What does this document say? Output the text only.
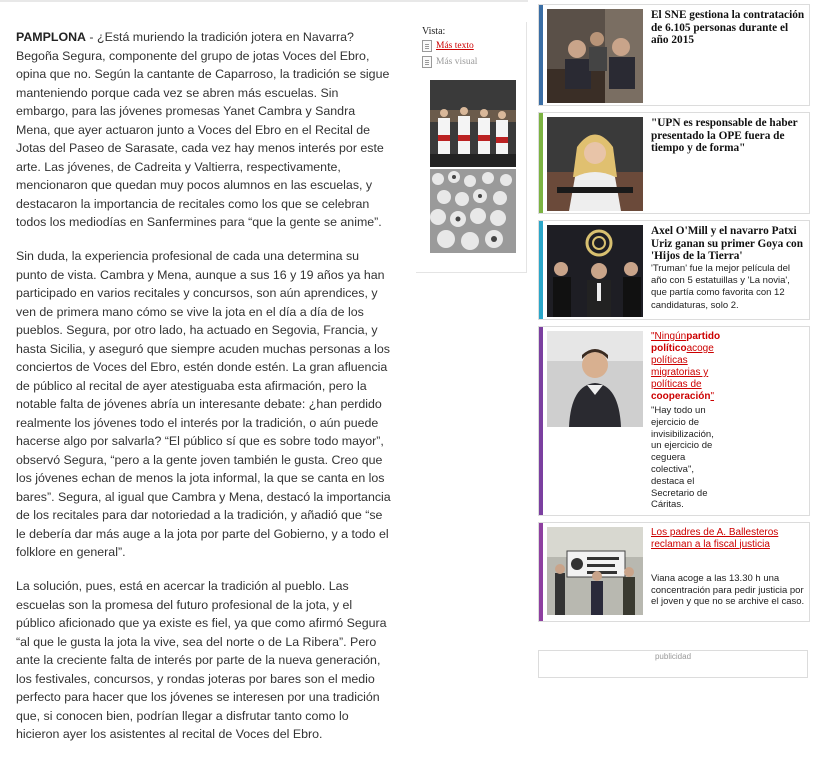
PAMPLONA - ¿Está muriendo la tradición jotera en Navarra? Begoña Segura, componente del grupo de jotas Voces del Ebro, opina que no. Según la cantante de Caparroso, la tradición se sigue manteniendo porque cada vez se abren más escuelas. Sin embargo, para las jóvenes promesas Yanet Cambra y Sandra Mena, que ayer actuaron junto a Voces del Ebro en el Recital de Jotas del Paseo de Sarasate, cada vez hay menos interés por este arte. Las jóvenes, de Cadreita y Valtierra, respectivamente, mencionaron que quedan muy pocos alumnos en las escuelas, y destacaron la importancia de recitales como los que se celebran todos los mediodías en Sanfermines para “que la gente se anime”.

Sin duda, la experiencia profesional de cada una determina su punto de vista. Cambra y Mena, aunque a sus 16 y 19 años ya han participado en varios recitales y concursos, son aún aprendices, y ven de primera mano cómo se vive la jota en el día a día de los pueblos. Segura, por otro lado, ha actuado en Segovia, Francia, y hasta Sicilia, y aseguró que siempre acuden muchas personas a los conciertos de Voces del Ebro, estén donde estén. La gran afluencia de público al recital de ayer atestiguaba esta afirmación, pero la notable falta de jóvenes abría un interesante debate: ¿han perdido realmente los jóvenes todo el interés por la tradición, o aún puede hacerse algo por salvarla? “El público sí que es sobre todo mayor”, observó Segura, “pero a la gente joven también le gusta. Creo que los jóvenes echan de menos la jota informal, la que se canta en los bares”. Segura, al igual que Cambra y Mena, destacó la importancia de los recitales para dar notoriedad a la tradición, y añadió que “se le debería dar más auge a la jota por parte del Gobierno, y a todo el folklore en general”.

La solución, pues, está en acercar la tradición al pueblo. Las escuelas son la promesa del futuro profesional de la jota, y el público aficionado que ya existe es fiel, ya que como afirmó Segura “al que le gusta la jota la vive, sea del norte o de La Ribera”. Pero ante la creciente falta de interés por parte de la nueva generación, los festivales, concursos, y rondas joteras por bares son el medio perfecto para hacer que los jóvenes se interesen por una tradición que, si conocen bien, podrían llegar a disfrutar tanto como lo hicieron ayer los asistentes al recital de Voces del Ebro.

Vista:
Más texto
Más visual
El SNE gestiona la contratación de 6.105 personas durante el año 2015
"UPN es responsable de haber presentado la OPE fuera de tiempo y de forma"
Axel O'Mill y el navarro Patxi Uriz ganan su primer Goya con 'Hijos de la Tierra'
'Truman' fue la mejor película del año con 5 estatuillas y 'La novia', que partía como favorita con 12 candidaturas, solo 2.
"Ningúnpartido políticoacoge políticas migratorias y políticas de cooperación"
"Hay todo un ejercicio de invisibilización, un ejercicio de ceguera colectiva", destaca el Secretario de Cáritas.
Los padres de A. Ballesteros reclaman a la fiscal justicia
Viana acoge a las 13.30 h una concentración para pedir justicia por el joven y que no se archive el caso.
publicidad
